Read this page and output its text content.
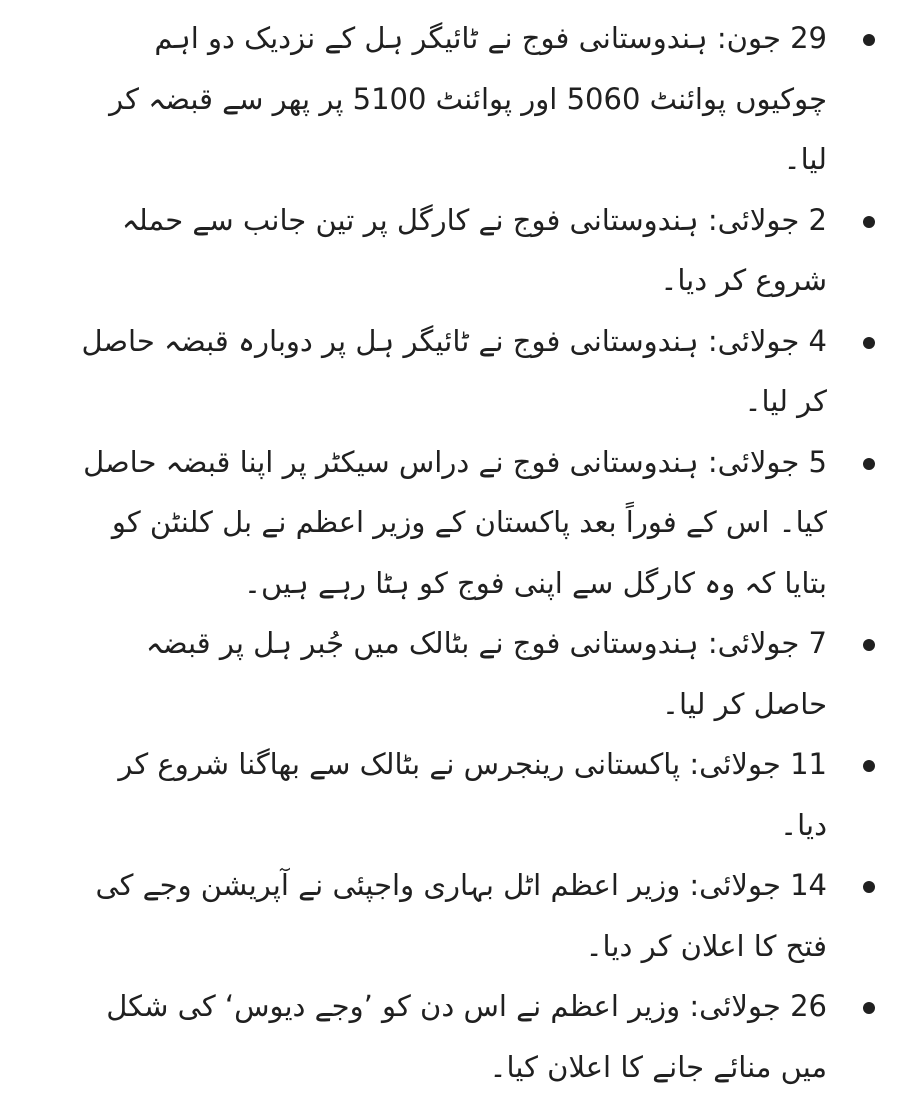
29 جون: ہندوستانی فوج نے ٹائیگر ہل کے نزدیک دو اہم چوکیوں پوائنٹ 5060 اور پوائنٹ 5100 پر پھر سے قبضہ کر لیا۔
2 جولائی: ہندوستانی فوج نے کارگل پر تین جانب سے حملہ شروع کر دیا۔
4 جولائی: ہندوستانی فوج نے ٹائیگر ہل پر دوبارہ قبضہ حاصل کر لیا۔
5 جولائی: ہندوستانی فوج نے دراس سیکٹر پر اپنا قبضہ حاصل کیا۔ اس کے فوراً بعد پاکستان کے وزیر اعظم نے بل کلنٹن کو بتایا کہ وہ کارگل سے اپنی فوج کو ہٹا رہے ہیں۔
7 جولائی: ہندوستانی فوج نے بٹالک میں جُبر ہل پر قبضہ حاصل کر لیا۔
11 جولائی: پاکستانی رینجرس نے بٹالک سے بھاگنا شروع کر دیا۔
14 جولائی: وزیر اعظم اٹل بہاری واجپئی نے آپریشن وجے کی فتح کا اعلان کر دیا۔
26 جولائی: وزیر اعظم نے اس دن کو ’وجے دیوس‘ کی شکل میں منائے جانے کا اعلان کیا۔
